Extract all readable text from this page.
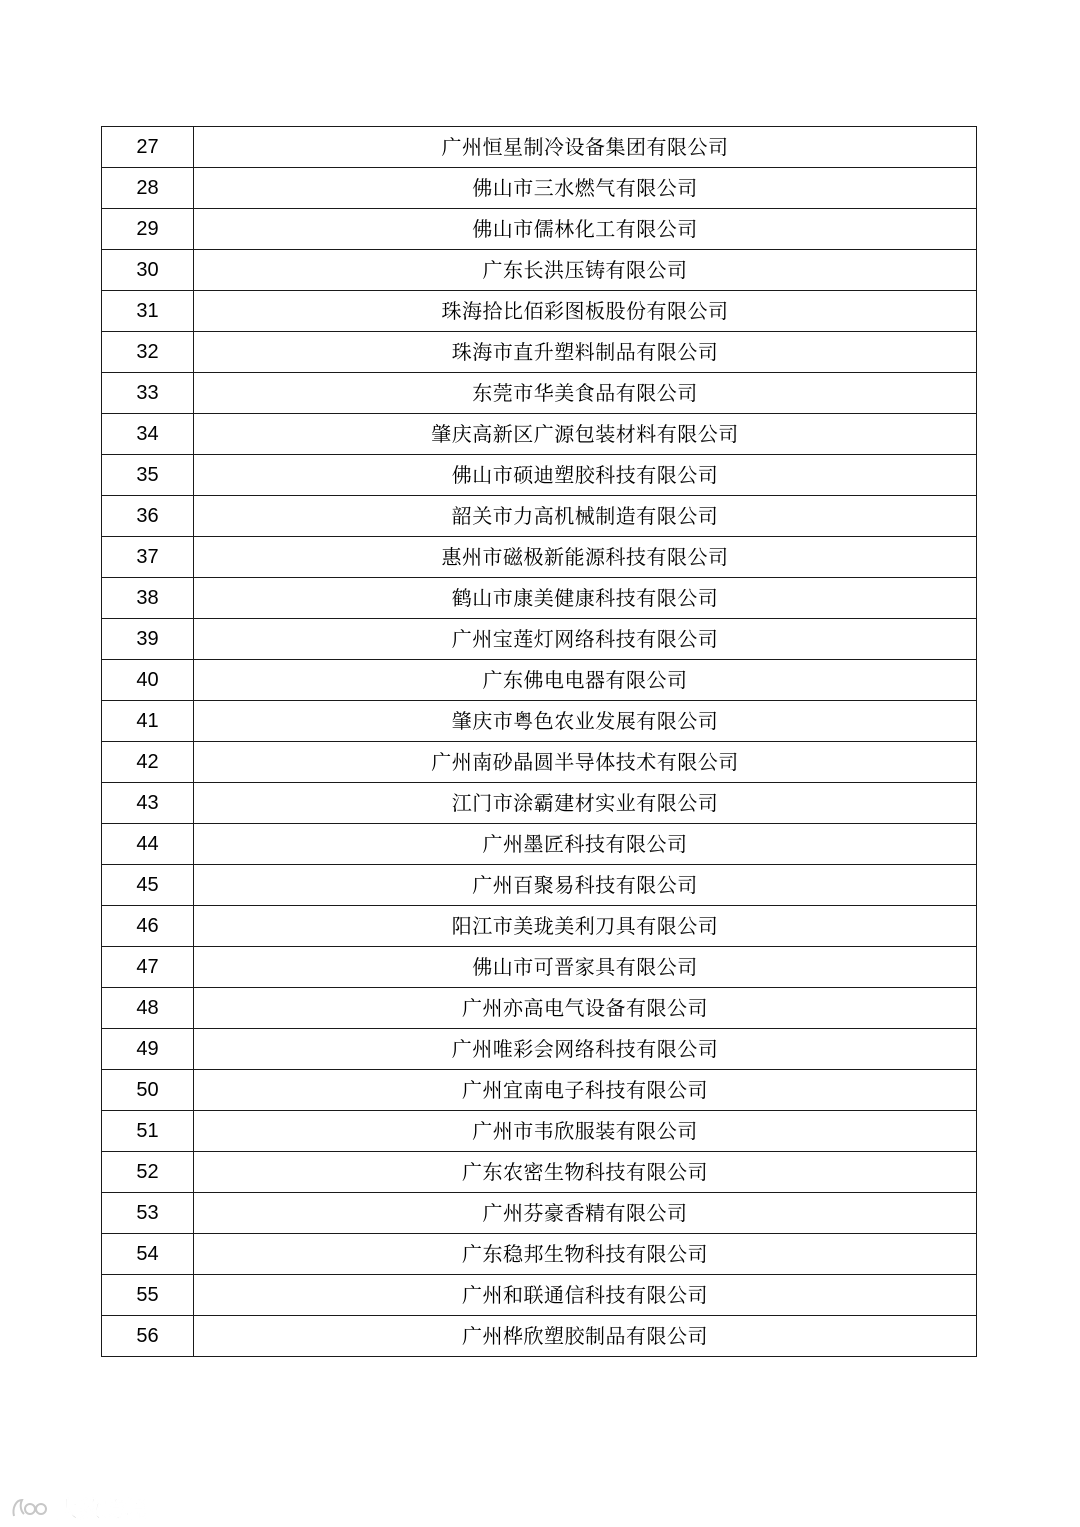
27	广州恒星制冷设备集团有限公司
28	佛山市三水燃气有限公司
29	佛山市儒林化工有限公司
30	广东长洪压铸有限公司
31	珠海拾比佰彩图板股份有限公司
32	珠海市直升塑料制品有限公司
33	东莞市华美食品有限公司
34	肇庆高新区广源包装材料有限公司
35	佛山市硕迪塑胶科技有限公司
36	韶关市力高机械制造有限公司
37	惠州市磁极新能源科技有限公司
38	鹤山市康美健康科技有限公司
39	广州宝莲灯网络科技有限公司
40	广东佛电电器有限公司
41	肇庆市粤色农业发展有限公司
42	广州南砂晶圆半导体技术有限公司
43	江门市涂霸建材实业有限公司
44	广州墨匠科技有限公司
45	广州百聚易科技有限公司
46	阳江市美珑美利刀具有限公司
47	佛山市可晋家具有限公司
48	广州亦高电气设备有限公司
49	广州唯彩会网络科技有限公司
50	广州宜南电子科技有限公司
51	广州市韦欣服装有限公司
52	广东农密生物科技有限公司
53	广州芬豪香精有限公司
54	广东稳邦生物科技有限公司
55	广州和联通信科技有限公司
56	广州桦欣塑胶制品有限公司
大数跨境
